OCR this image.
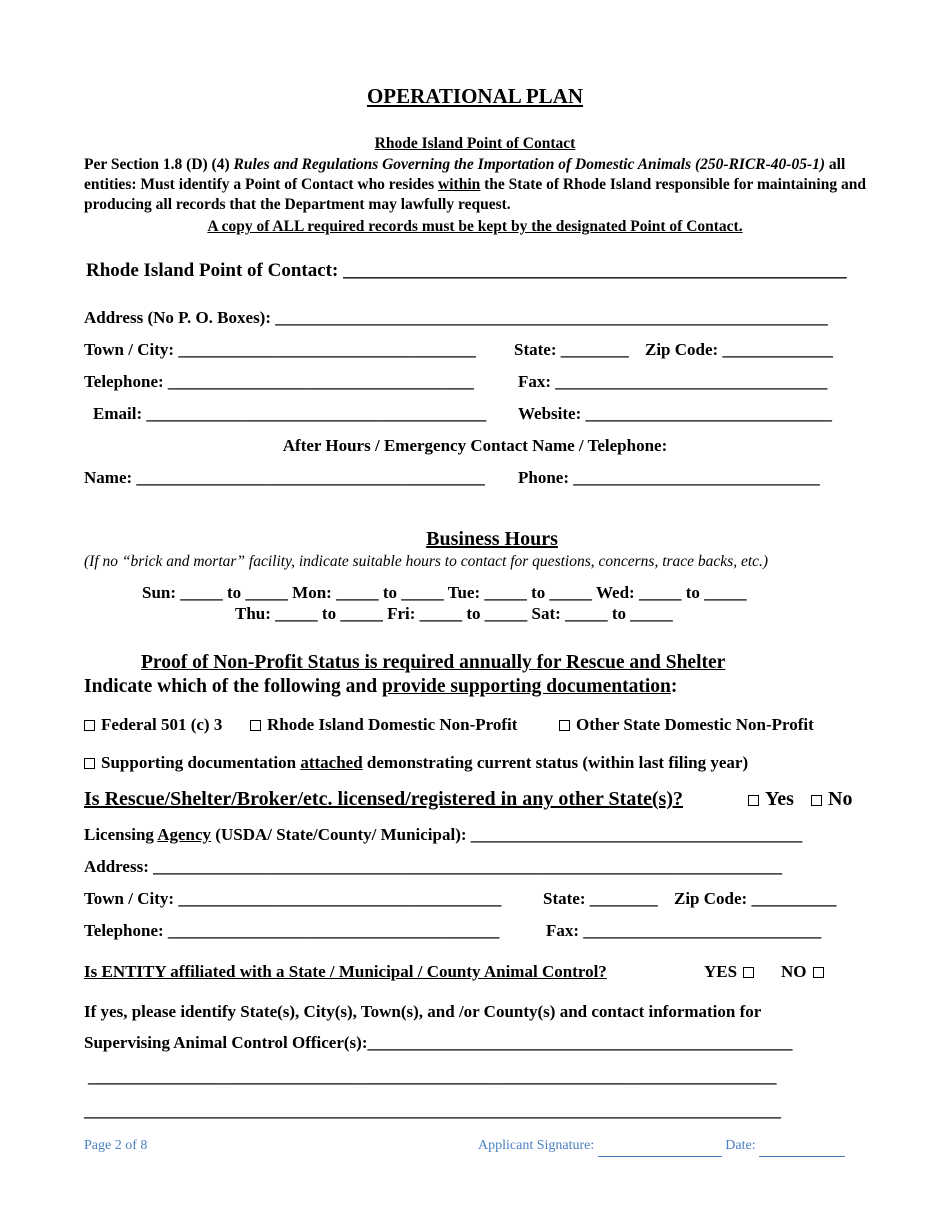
OPERATIONAL PLAN
Rhode Island Point of Contact
Per Section 1.8 (D) (4) Rules and Regulations Governing the Importation of Domestic Animals (250-RICR-40-05-1) all entities: Must identify a Point of Contact who resides within the State of Rhode Island responsible for maintaining and producing all records that the Department may lawfully request.
A copy of ALL required records must be kept by the designated Point of Contact.
Rhode Island Point of Contact: _____________________________________________________
Address (No P. O. Boxes): _________________________________________________________________
Town / City: ___________________________________ State: ________ Zip Code: _____________
Telephone: ____________________________________	Fax: ________________________________
Email: ________________________________________ Website: _____________________________
After Hours / Emergency Contact Name / Telephone:
Name: _________________________________________ Phone: _____________________________
Business Hours
(If no “brick and mortar” facility, indicate suitable hours to contact for questions, concerns, trace backs, etc.)
Sun: _____ to _____ Mon: _____ to _____ Tue: _____ to _____ Wed: _____ to _____
Thu: _____ to _____ Fri: _____ to _____ Sat: _____ to _____
Proof of Non-Profit Status is required annually for Rescue and Shelter
Indicate which of the following and provide supporting documentation:
Federal 501 (c) 3	Rhode Island Domestic Non-Profit	Other State Domestic Non-Profit
Supporting documentation attached demonstrating current status (within last filing year)
Is Rescue/Shelter/Broker/etc. licensed/registered in any other State(s)?	Yes	No
Licensing Agency (USDA/ State/County/ Municipal): _______________________________________
Address: __________________________________________________________________________
Town / City: ______________________________________ State: ________ Zip Code: __________
Telephone: _______________________________________	Fax: ____________________________
Is ENTITY affiliated with a State / Municipal / County Animal Control?	YES	NO
If yes, please identify State(s), City(s), Town(s), and /or County(s) and contact information for
Supervising Animal Control Officer(s):__________________________________________________
_________________________________________________________________________________
__________________________________________________________________________________
Page 2 of 8	Applicant Signature:	Date:
